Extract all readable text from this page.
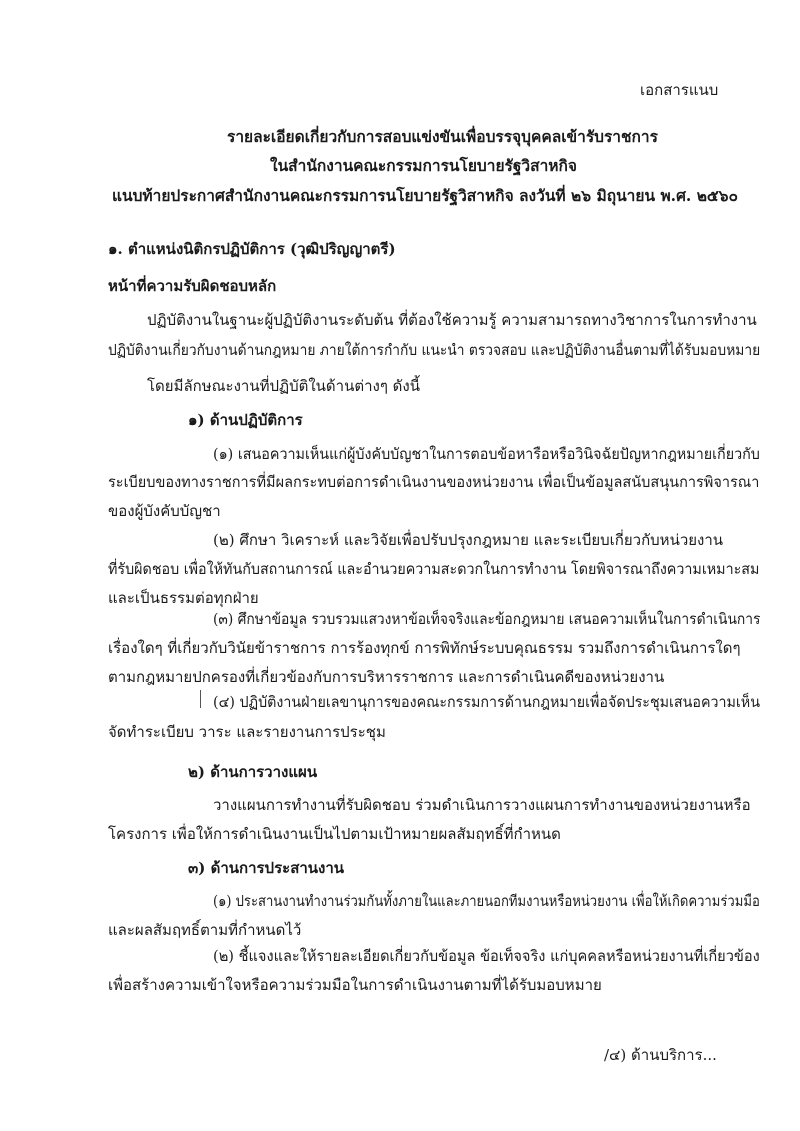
เอกสารแนบ
รายละเอียดเกี่ยวกับการสอบแข่งขันเพื่อบรรจุบุคคลเข้ารับราชการ
ในสำนักงานคณะกรรมการนโยบายรัฐวิสาหกิจ
แนบท้ายประกาศสำนักงานคณะกรรมการนโยบายรัฐวิสาหกิจ ลงวันที่ ๒๖ มิถุนายน พ.ศ. ๒๕๖๐
๑. ตำแหน่งนิติกรปฏิบัติการ (วุฒิปริญญาตรี)
หน้าที่ความรับผิดชอบหลัก
ปฏิบัติงานในฐานะผู้ปฏิบัติงานระดับต้น ที่ต้องใช้ความรู้ ความสามารถทางวิชาการในการทำงาน
ปฏิบัติงานเกี่ยวกับงานด้านกฎหมาย ภายใต้การกำกับ แนะนำ ตรวจสอบ และปฏิบัติงานอื่นตามที่ได้รับมอบหมาย
โดยมีลักษณะงานที่ปฏิบัติในด้านต่างๆ ดังนี้
๑) ด้านปฏิบัติการ
(๑) เสนอความเห็นแก่ผู้บังคับบัญชาในการตอบข้อหารือหรือวินิจฉัยปัญหากฎหมายเกี่ยวกับ
ระเบียบของทางราชการที่มีผลกระทบต่อการดำเนินงานของหน่วยงาน เพื่อเป็นข้อมูลสนับสนุนการพิจารณา
ของผู้บังคับบัญชา
(๒) ศึกษา วิเคราะห์ และวิจัยเพื่อปรับปรุงกฎหมาย และระเบียบเกี่ยวกับหน่วยงาน
ที่รับผิดชอบ เพื่อให้ทันกับสถานการณ์ และอำนวยความสะดวกในการทำงาน โดยพิจารณาถึงความเหมาะสม
และเป็นธรรมต่อทุกฝ่าย
(๓) ศึกษาข้อมูล รวบรวมแสวงหาข้อเท็จจริงและข้อกฎหมาย เสนอความเห็นในการดำเนินการ
เรื่องใดๆ ที่เกี่ยวกับวินัยข้าราชการ การร้องทุกข์ การพิทักษ์ระบบคุณธรรม รวมถึงการดำเนินการใดๆ
ตามกฎหมายปกครองที่เกี่ยวข้องกับการบริหารราชการ และการดำเนินคดีของหน่วยงาน
(๔) ปฏิบัติงานฝ่ายเลขานุการของคณะกรรมการด้านกฎหมายเพื่อจัดประชุมเสนอความเห็น
จัดทำระเบียบ วาระ และรายงานการประชุม
๒) ด้านการวางแผน
วางแผนการทำงานที่รับผิดชอบ ร่วมดำเนินการวางแผนการทำงานของหน่วยงานหรือ
โครงการ เพื่อให้การดำเนินงานเป็นไปตามเป้าหมายผลสัมฤทธิ์ที่กำหนด
๓) ด้านการประสานงาน
(๑) ประสานงานทำงานร่วมกันทั้งภายในและภายนอกทีมงานหรือหน่วยงาน เพื่อให้เกิดความร่วมมือ
และผลสัมฤทธิ์ตามที่กำหนดไว้
(๒) ชี้แจงและให้รายละเอียดเกี่ยวกับข้อมูล ข้อเท็จจริง แก่บุคคลหรือหน่วยงานที่เกี่ยวข้อง
เพื่อสร้างความเข้าใจหรือความร่วมมือในการดำเนินงานตามที่ได้รับมอบหมาย
/๔) ด้านบริการ...
